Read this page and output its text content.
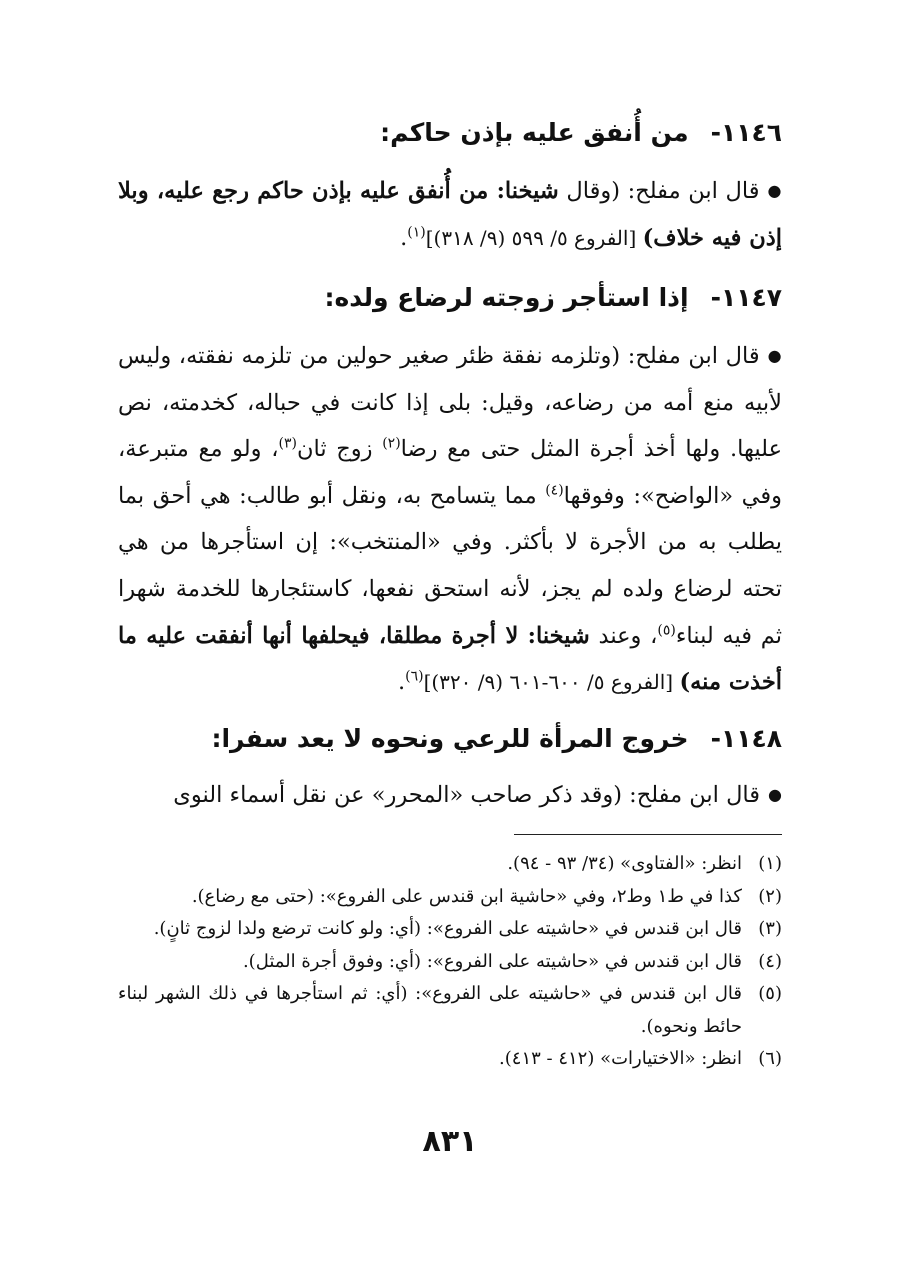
١١٤٦-من أُنفق عليه بإذن حاكم:
●قال ابن مفلح: (وقال شيخنا: من أُنفق عليه بإذن حاكم رجع عليه، وبلا إذن فيه خلاف) [الفروع ٥/ ٥٩٩ (٩/ ٣١٨)]$^{(١)}$.
١١٤٧-إذا استأجر زوجته لرضاع ولده:
●قال ابن مفلح: (وتلزمه نفقة ظئر صغير حولين من تلزمه نفقته، وليس لأبيه منع أمه من رضاعه، وقيل: بلى إذا كانت في حباله، كخدمته، نص عليها. ولها أخذ أجرة المثل حتى مع رضا$^{(٢)}$ زوج ثان$^{(٣)}$، ولو مع متبرعة، وفي «الواضح»: وفوقها$^{(٤)}$ مما يتسامح به، ونقل أبو طالب: هي أحق بما يطلب به من الأجرة لا بأكثر. وفي «المنتخب»: إن استأجرها من هي تحته لرضاع ولده لم يجز، لأنه استحق نفعها، كاستئجارها للخدمة شهرا ثم فيه لبناء$^{(٥)}$، وعند شيخنا: لا أجرة مطلقا، فيحلفها أنها أنفقت عليه ما أخذت منه) [الفروع ٥/ ٦٠٠-٦٠١ (٩/ ٣٢٠)]$^{(٦)}$.
١١٤٨-خروج المرأة للرعي ونحوه لا يعد سفرا:
●قال ابن مفلح: (وقد ذكر صاحب «المحرر» عن نقل أسماء النوى
(١)
انظر: «الفتاوى» (٣٤/ ٩٣ - ٩٤).
(٢)
كذا في ط١ وط٢، وفي «حاشية ابن قندس على الفروع»: (حتى مع رضاع).
(٣)
قال ابن قندس في «حاشيته على الفروع»: (أي: ولو كانت ترضع ولدا لزوج ثانٍ).
(٤)
قال ابن قندس في «حاشيته على الفروع»: (أي: وفوق أجرة المثل).
(٥)
قال ابن قندس في «حاشيته على الفروع»: (أي: ثم استأجرها في ذلك الشهر لبناء حائط ونحوه).
(٦)
انظر: «الاختيارات» (٤١٢ - ٤١٣).
٨٣١
